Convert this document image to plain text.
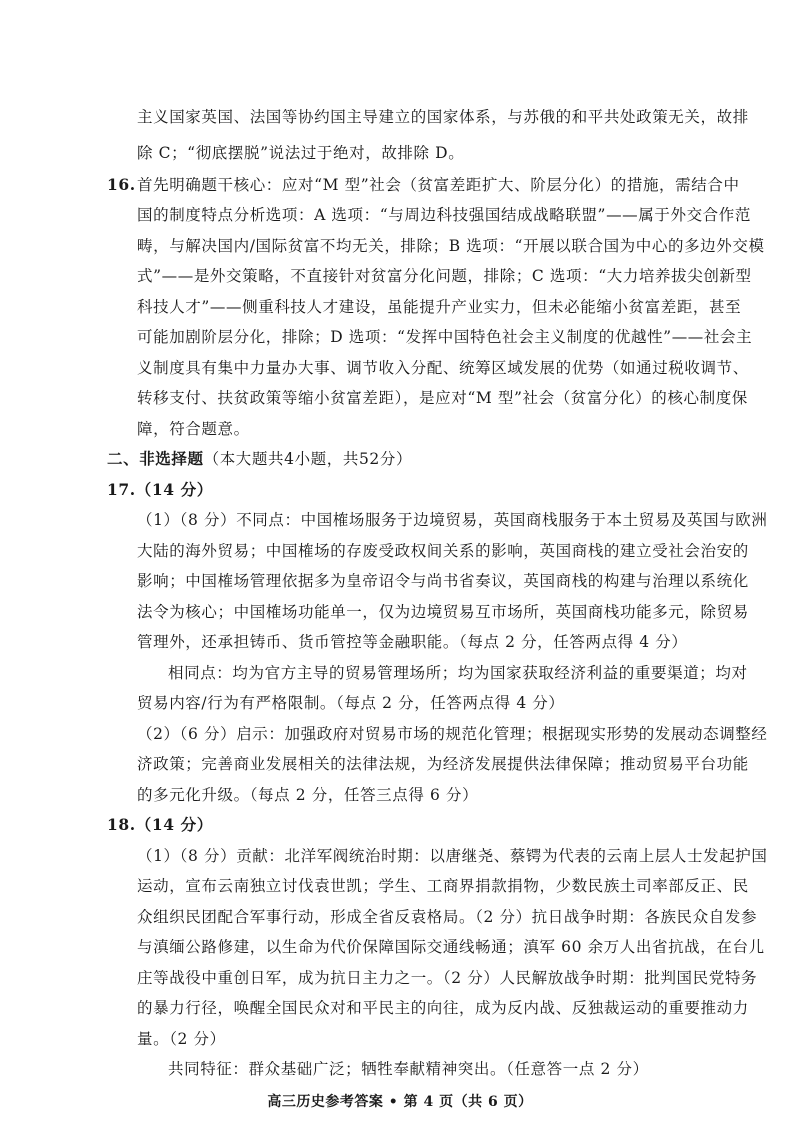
主义国家英国、法国等协约国主导建立的国家体系，与苏俄的和平共处政策无关，故排
除 C；“彻底摆脱”说法过于绝对，故排除 D。
16. 首先明确题干核心：应对“M 型”社会（贫富差距扩大、阶层分化）的措施，需结合中
国的制度特点分析选项：A 选项：“与周边科技强国结成战略联盟”——属于外交合作范
畴，与解决国内/国际贫富不均无关，排除；B 选项：“开展以联合国为中心的多边外交模
式”——是外交策略，不直接针对贫富分化问题，排除；C 选项：“大力培养拔尖创新型
科技人才”——侧重科技人才建设，虽能提升产业实力，但未必能缩小贫富差距，甚至
可能加剧阶层分化，排除；D 选项：“发挥中国特色社会主义制度的优越性”——社会主
义制度具有集中力量办大事、调节收入分配、统筹区域发展的优势（如通过税收调节、
转移支付、扶贫政策等缩小贫富差距），是应对“M 型”社会（贫富分化）的核心制度保
障，符合题意。
二、非选择题（本大题共4小题，共52分）
17.（14 分）
（1）（8 分）不同点：中国榷场服务于边境贸易，英国商栈服务于本土贸易及英国与欧洲
大陆的海外贸易；中国榷场的存废受政权间关系的影响，英国商栈的建立受社会治安的
影响；中国榷场管理依据多为皇帝诏令与尚书省奏议，英国商栈的构建与治理以系统化
法令为核心；中国榷场功能单一，仅为边境贸易互市场所，英国商栈功能多元，除贸易
管理外，还承担铸币、货币管控等金融职能。（每点 2 分，任答两点得 4 分）
相同点：均为官方主导的贸易管理场所；均为国家获取经济利益的重要渠道；均对
贸易内容/行为有严格限制。（每点 2 分，任答两点得 4 分）
（2）（6 分）启示：加强政府对贸易市场的规范化管理；根据现实形势的发展动态调整经
济政策；完善商业发展相关的法律法规，为经济发展提供法律保障；推动贸易平台功能
的多元化升级。（每点 2 分，任答三点得 6 分）
18.（14 分）
（1）（8 分）贡献：北洋军阀统治时期：以唐继尧、蔡锷为代表的云南上层人士发起护国
运动，宣布云南独立讨伐袁世凯；学生、工商界捐款捐物，少数民族土司率部反正、民
众组织民团配合军事行动，形成全省反袁格局。（2 分）抗日战争时期：各族民众自发参
与滇缅公路修建，以生命为代价保障国际交通线畅通；滇军 60 余万人出省抗战，在台儿
庄等战役中重创日军，成为抗日主力之一。（2 分）人民解放战争时期：批判国民党特务
的暴力行径，唤醒全国民众对和平民主的向往，成为反内战、反独裁运动的重要推动力
量。（2 分）
共同特征：群众基础广泛；牺牲奉献精神突出。（任意答一点 2 分）
高三历史参考答案 • 第 4 页（共 6 页）
